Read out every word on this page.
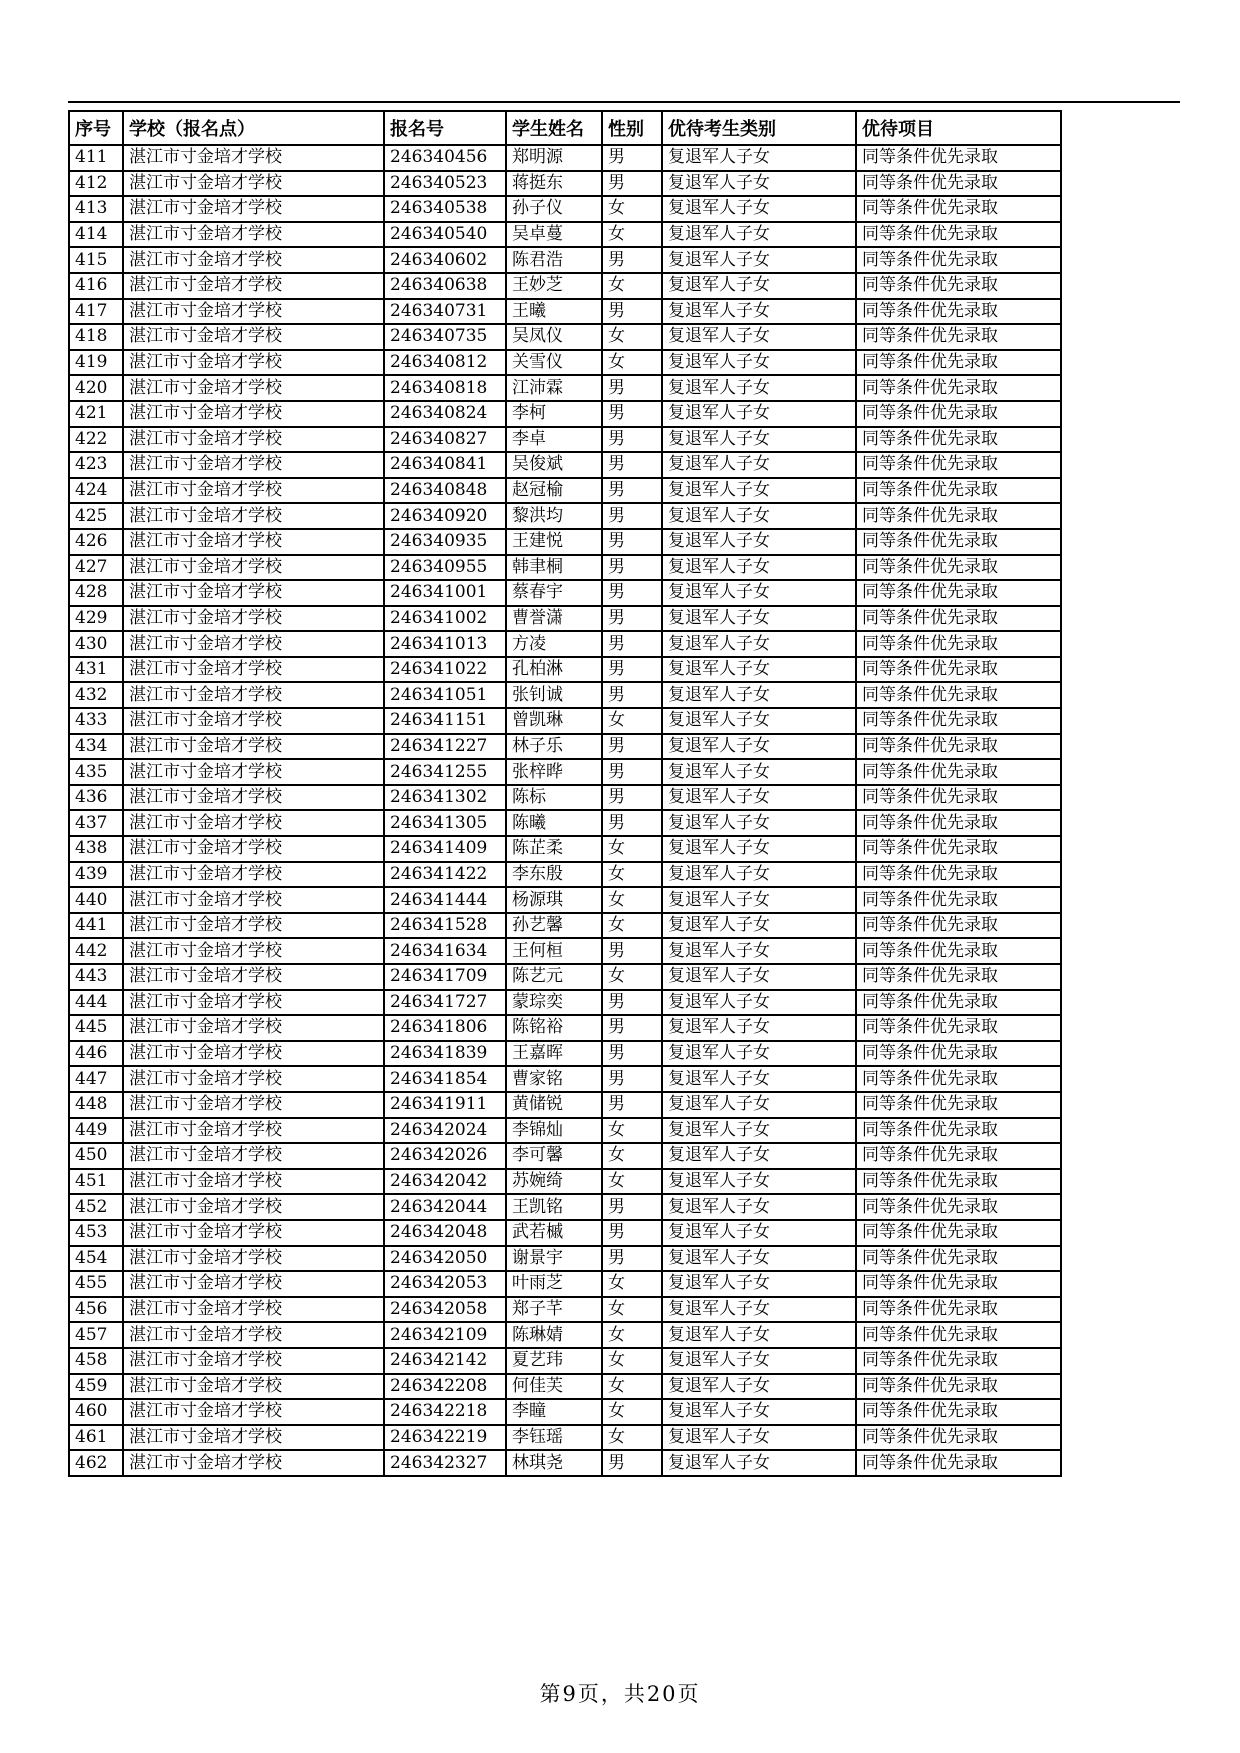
序号	学校（报名点）	报名号	学生姓名	性别	优待考生类别	优待项目
411	湛江市寸金培才学校	246340456	郑明源	男	复退军人子女	同等条件优先录取
412	湛江市寸金培才学校	246340523	蒋挺东	男	复退军人子女	同等条件优先录取
413	湛江市寸金培才学校	246340538	孙子仪	女	复退军人子女	同等条件优先录取
414	湛江市寸金培才学校	246340540	吴卓蔓	女	复退军人子女	同等条件优先录取
415	湛江市寸金培才学校	246340602	陈君浩	男	复退军人子女	同等条件优先录取
416	湛江市寸金培才学校	246340638	王妙芝	女	复退军人子女	同等条件优先录取
417	湛江市寸金培才学校	246340731	王曦	男	复退军人子女	同等条件优先录取
418	湛江市寸金培才学校	246340735	吴凤仪	女	复退军人子女	同等条件优先录取
419	湛江市寸金培才学校	246340812	关雪仪	女	复退军人子女	同等条件优先录取
420	湛江市寸金培才学校	246340818	江沛霖	男	复退军人子女	同等条件优先录取
421	湛江市寸金培才学校	246340824	李柯	男	复退军人子女	同等条件优先录取
422	湛江市寸金培才学校	246340827	李卓	男	复退军人子女	同等条件优先录取
423	湛江市寸金培才学校	246340841	吴俊斌	男	复退军人子女	同等条件优先录取
424	湛江市寸金培才学校	246340848	赵冠榆	男	复退军人子女	同等条件优先录取
425	湛江市寸金培才学校	246340920	黎洪均	男	复退军人子女	同等条件优先录取
426	湛江市寸金培才学校	246340935	王建悦	男	复退军人子女	同等条件优先录取
427	湛江市寸金培才学校	246340955	韩聿桐	男	复退军人子女	同等条件优先录取
428	湛江市寸金培才学校	246341001	蔡春宇	男	复退军人子女	同等条件优先录取
429	湛江市寸金培才学校	246341002	曹誉潇	男	复退军人子女	同等条件优先录取
430	湛江市寸金培才学校	246341013	方凌	男	复退军人子女	同等条件优先录取
431	湛江市寸金培才学校	246341022	孔柏淋	男	复退军人子女	同等条件优先录取
432	湛江市寸金培才学校	246341051	张钊诚	男	复退军人子女	同等条件优先录取
433	湛江市寸金培才学校	246341151	曾凯琳	女	复退军人子女	同等条件优先录取
434	湛江市寸金培才学校	246341227	林子乐	男	复退军人子女	同等条件优先录取
435	湛江市寸金培才学校	246341255	张梓晔	男	复退军人子女	同等条件优先录取
436	湛江市寸金培才学校	246341302	陈标	男	复退军人子女	同等条件优先录取
437	湛江市寸金培才学校	246341305	陈曦	男	复退军人子女	同等条件优先录取
438	湛江市寸金培才学校	246341409	陈芷柔	女	复退军人子女	同等条件优先录取
439	湛江市寸金培才学校	246341422	李东殷	女	复退军人子女	同等条件优先录取
440	湛江市寸金培才学校	246341444	杨源琪	女	复退军人子女	同等条件优先录取
441	湛江市寸金培才学校	246341528	孙艺馨	女	复退军人子女	同等条件优先录取
442	湛江市寸金培才学校	246341634	王何桓	男	复退军人子女	同等条件优先录取
443	湛江市寸金培才学校	246341709	陈艺元	女	复退军人子女	同等条件优先录取
444	湛江市寸金培才学校	246341727	蒙琮奕	男	复退军人子女	同等条件优先录取
445	湛江市寸金培才学校	246341806	陈铭裕	男	复退军人子女	同等条件优先录取
446	湛江市寸金培才学校	246341839	王嘉晖	男	复退军人子女	同等条件优先录取
447	湛江市寸金培才学校	246341854	曹家铭	男	复退军人子女	同等条件优先录取
448	湛江市寸金培才学校	246341911	黄储锐	男	复退军人子女	同等条件优先录取
449	湛江市寸金培才学校	246342024	李锦灿	女	复退军人子女	同等条件优先录取
450	湛江市寸金培才学校	246342026	李可馨	女	复退军人子女	同等条件优先录取
451	湛江市寸金培才学校	246342042	苏婉绮	女	复退军人子女	同等条件优先录取
452	湛江市寸金培才学校	246342044	王凯铭	男	复退军人子女	同等条件优先录取
453	湛江市寸金培才学校	246342048	武若槭	男	复退军人子女	同等条件优先录取
454	湛江市寸金培才学校	246342050	谢景宇	男	复退军人子女	同等条件优先录取
455	湛江市寸金培才学校	246342053	叶雨芝	女	复退军人子女	同等条件优先录取
456	湛江市寸金培才学校	246342058	郑子芊	女	复退军人子女	同等条件优先录取
457	湛江市寸金培才学校	246342109	陈琳婧	女	复退军人子女	同等条件优先录取
458	湛江市寸金培才学校	246342142	夏艺玮	女	复退军人子女	同等条件优先录取
459	湛江市寸金培才学校	246342208	何佳芙	女	复退军人子女	同等条件优先录取
460	湛江市寸金培才学校	246342218	李瞳	女	复退军人子女	同等条件优先录取
461	湛江市寸金培才学校	246342219	李钰瑶	女	复退军人子女	同等条件优先录取
462	湛江市寸金培才学校	246342327	林琪尧	男	复退军人子女	同等条件优先录取
第9页，共20页
